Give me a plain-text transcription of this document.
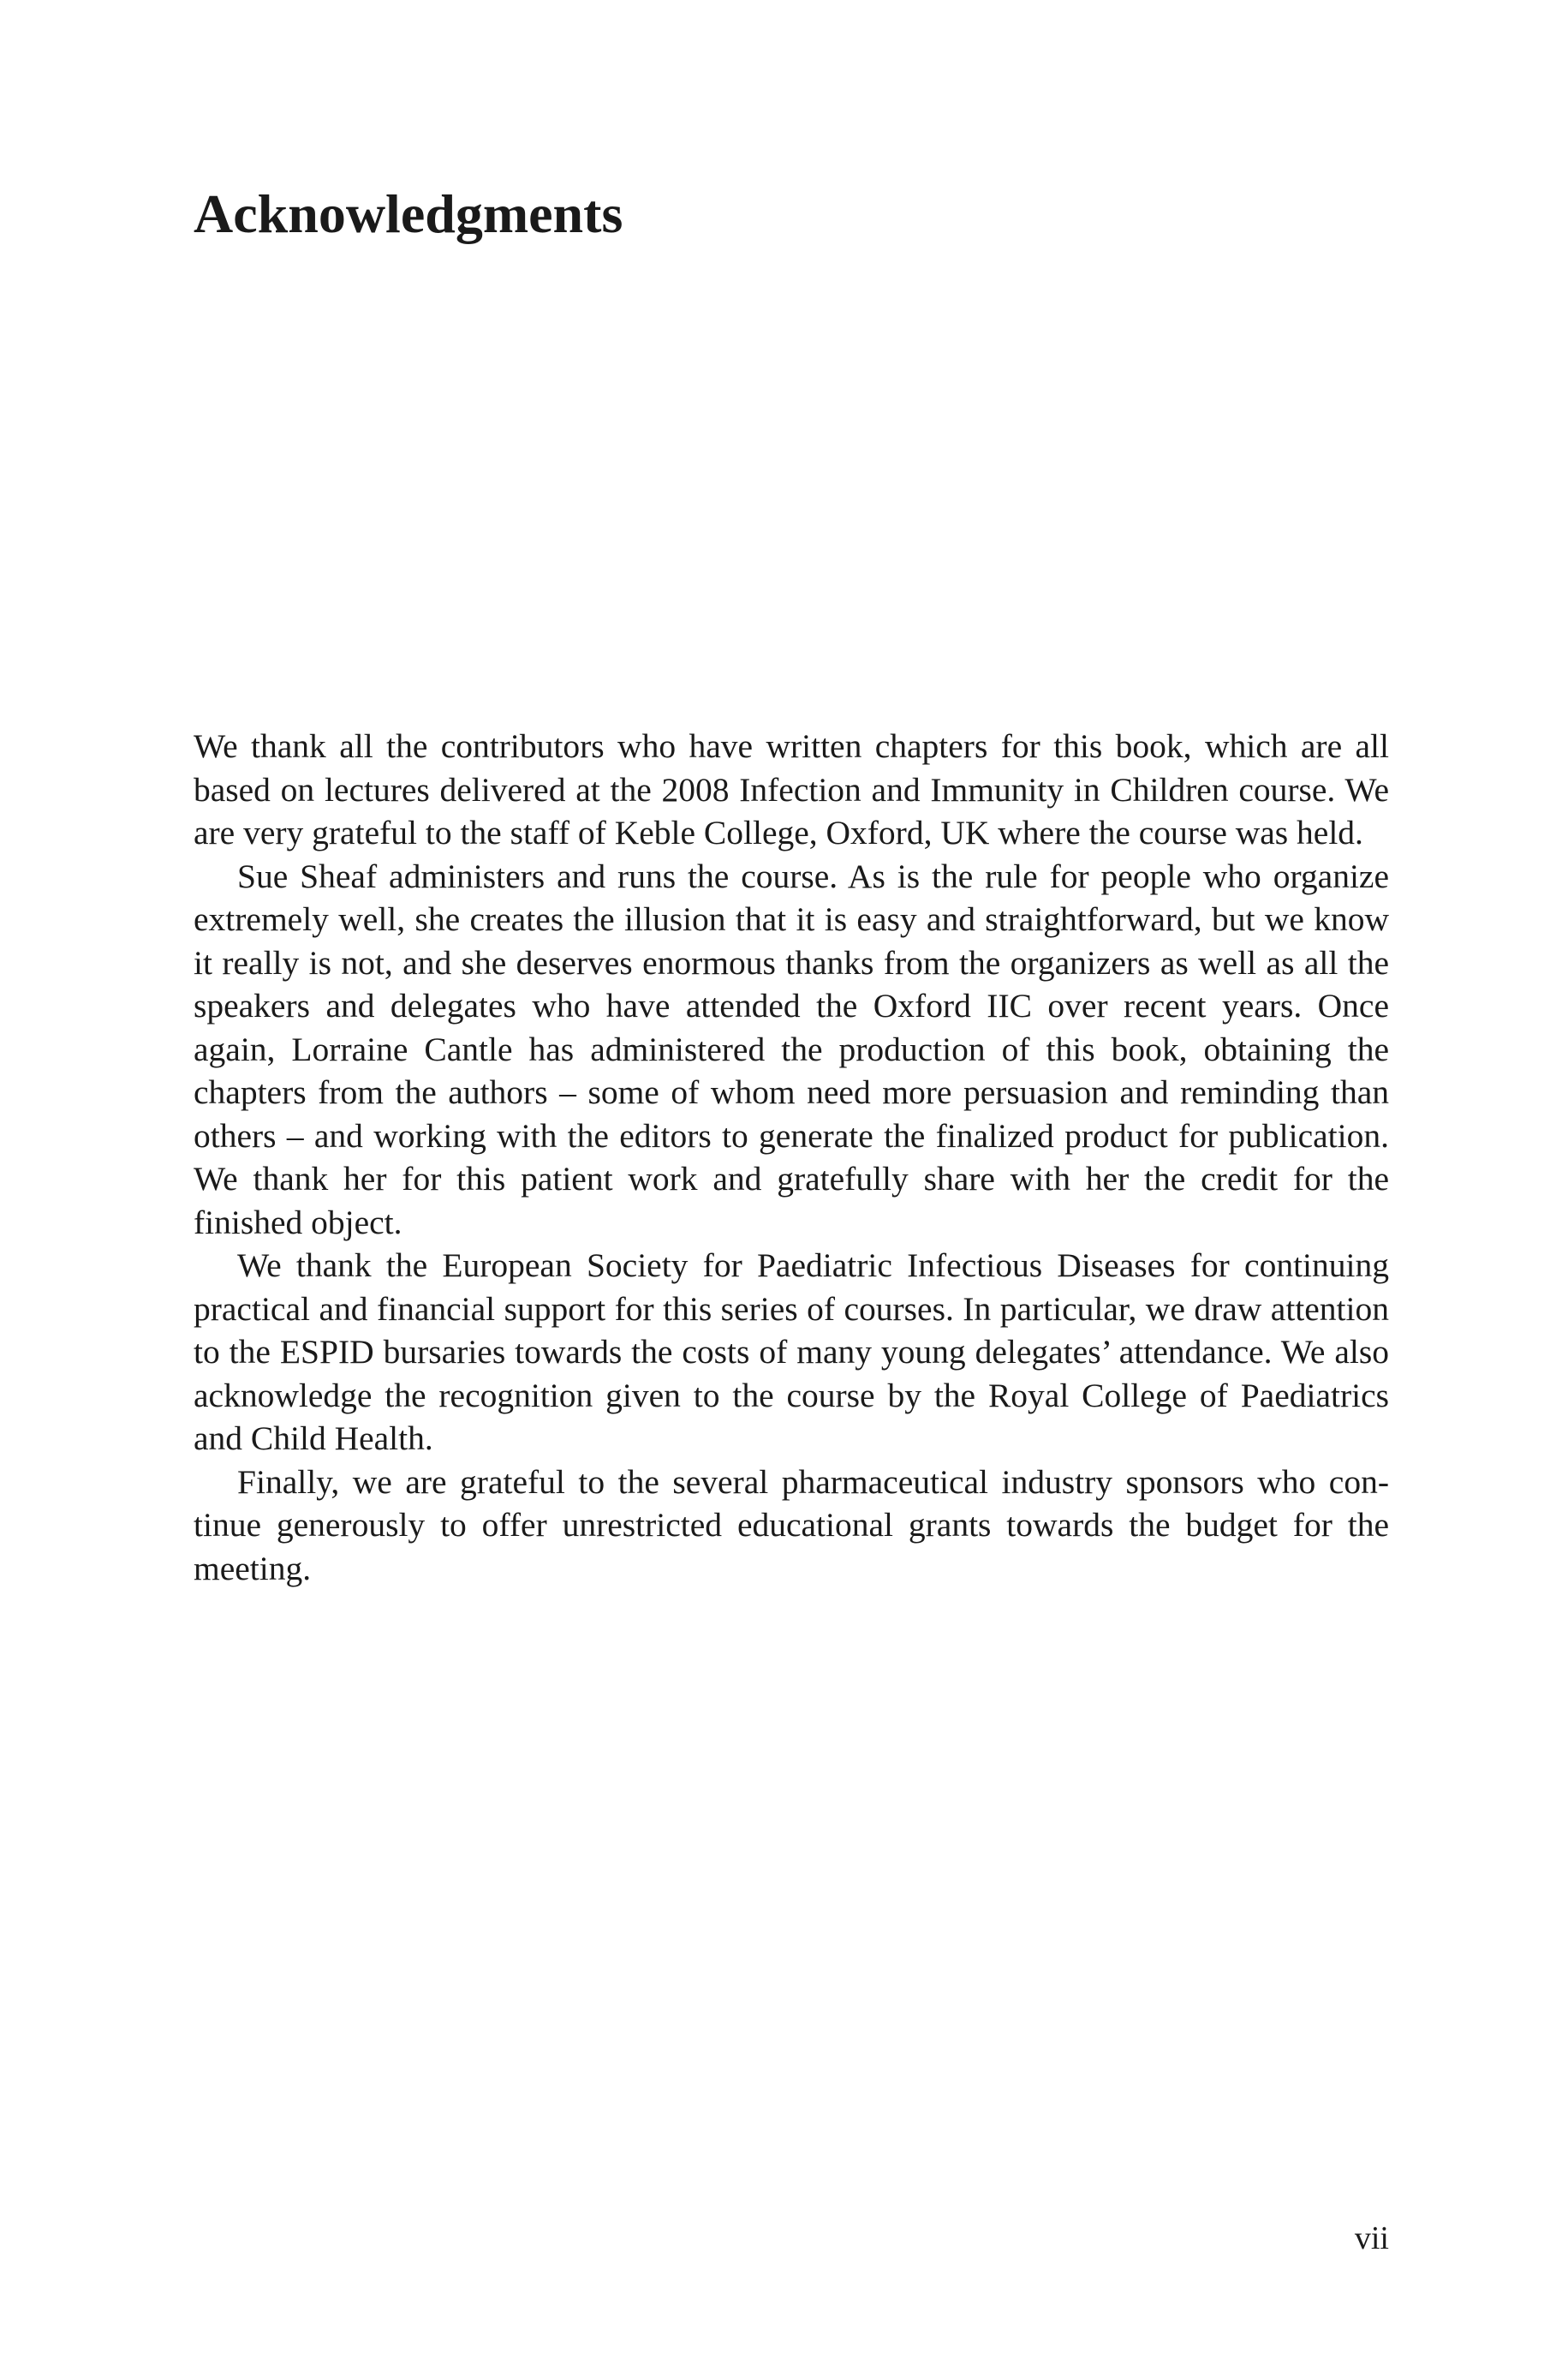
Acknowledgments

We thank all the contributors who have written chapters for this book, which are all based on lectures delivered at the 2008 Infection and Immunity in Children course. We are very grateful to the staff of Keble College, Oxford, UK where the course was held.

Sue Sheaf administers and runs the course. As is the rule for people who organize extremely well, she creates the illusion that it is easy and straightforward, but we know it really is not, and she deserves enormous thanks from the organizers as well as all the speakers and delegates who have attended the Oxford IIC over recent years. Once again, Lorraine Cantle has administered the production of this book, obtaining the chapters from the authors – some of whom need more persuasion and reminding than others – and working with the editors to generate the finalized product for publication. We thank her for this patient work and gratefully share with her the credit for the finished object.

We thank the European Society for Paediatric Infectious Diseases for continuing practical and financial support for this series of courses. In particular, we draw attention to the ESPID bursaries towards the costs of many young delegates’ attendance. We also acknowledge the recognition given to the course by the Royal College of Paediatrics and Child Health.

Finally, we are grateful to the several pharmaceutical industry sponsors who continue generously to offer unrestricted educational grants towards the budget for the meeting.

vii
